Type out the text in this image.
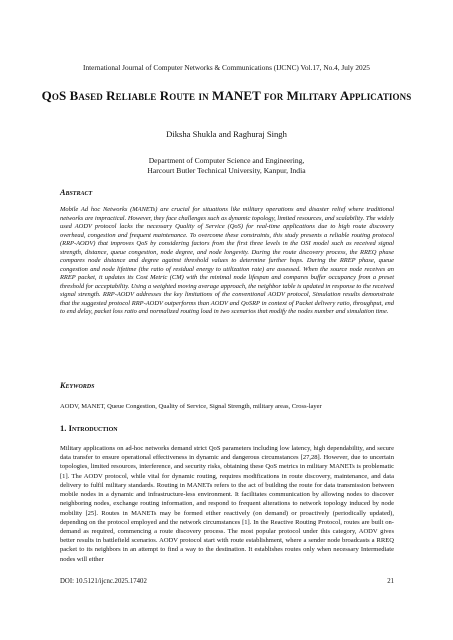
International Journal of Computer Networks & Communications (IJCNC) Vol.17, No.4, July 2025
QoS Based Reliable Route in MANET for Military Applications
Diksha Shukla and Raghuraj Singh
Department of Computer Science and Engineering,
Harcourt Butler Technical University, Kanpur, India
Abstract
Mobile Ad hoc Networks (MANETs) are crucial for situations like military operations and disaster relief where traditional networks are impractical. However, they face challenges such as dynamic topology, limited resources, and scalability. The widely used AODV protocol lacks the necessary Quality of Service (QoS) for real-time applications due to high route discovery overhead, congestion and frequent maintenance. To overcome these constraints, this study presents a reliable routing protocol (RRP-AODV) that improves QoS by considering factors from the first three levels in the OSI model such as received signal strength, distance, queue congestion, node degree, and node longevity. During the route discovery process, the RREQ phase compares node distance and degree against threshold values to determine further hops. During the RREP phase, queue congestion and node lifetime (the ratio of residual energy to utilization rate) are assessed. When the source node receives an RREP packet, it updates its Cost Metric (CM) with the minimal node lifespan and compares buffer occupancy from a preset threshold for acceptability. Using a weighted moving average approach, the neighbor table is updated in response to the received signal strength. RRP-AODV addresses the key limitations of the conventional AODV protocol, Simulation results demonstrate that the suggested protocol RRP-AODV outperforms than AODV and QoSRP in context of Packet delivery ratio, throughput, end to end delay, packet loss ratio and normalized routing load in two scenarios that modify the nodes number and simulation time.
Keywords
AODV, MANET, Queue Congestion, Quality of Service, Signal Strength, military areas, Cross-layer
1. Introduction
Military applications on ad-hoc networks demand strict QoS parameters including low latency, high dependability, and secure data transfer to ensure operational effectiveness in dynamic and dangerous circumstances [27,28]. However, due to uncertain topologies, limited resources, interference, and security risks, obtaining these QoS metrics in military MANETs is problematic [1]. The AODV protocol, while vital for dynamic routing, requires modifications in route discovery, maintenance, and data delivery to fulfil military standards. Routing in MANETs refers to the act of building the route for data transmission between mobile nodes in a dynamic and infrastructure-less environment. It facilitates communication by allowing nodes to discover neighboring nodes, exchange routing information, and respond to frequent alterations to network topology induced by node mobility [25]. Routes in MANETs may be formed either reactively (on demand) or proactively (periodically updated), depending on the protocol employed and the network circumstances [1]. In the Reactive Routing Protocol, routes are built on-demand as required, commencing a route discovery process. The most popular protocol under this category, AODV gives better results in battlefield scenarios. AODV protocol start with route establishment, where a sender node broadcasts a RREQ packet to its neighbors in an attempt to find a way to the destination. It establishes routes only when necessary Intermediate nodes will either
DOI: 10.5121/ijcnc.2025.17402	21
